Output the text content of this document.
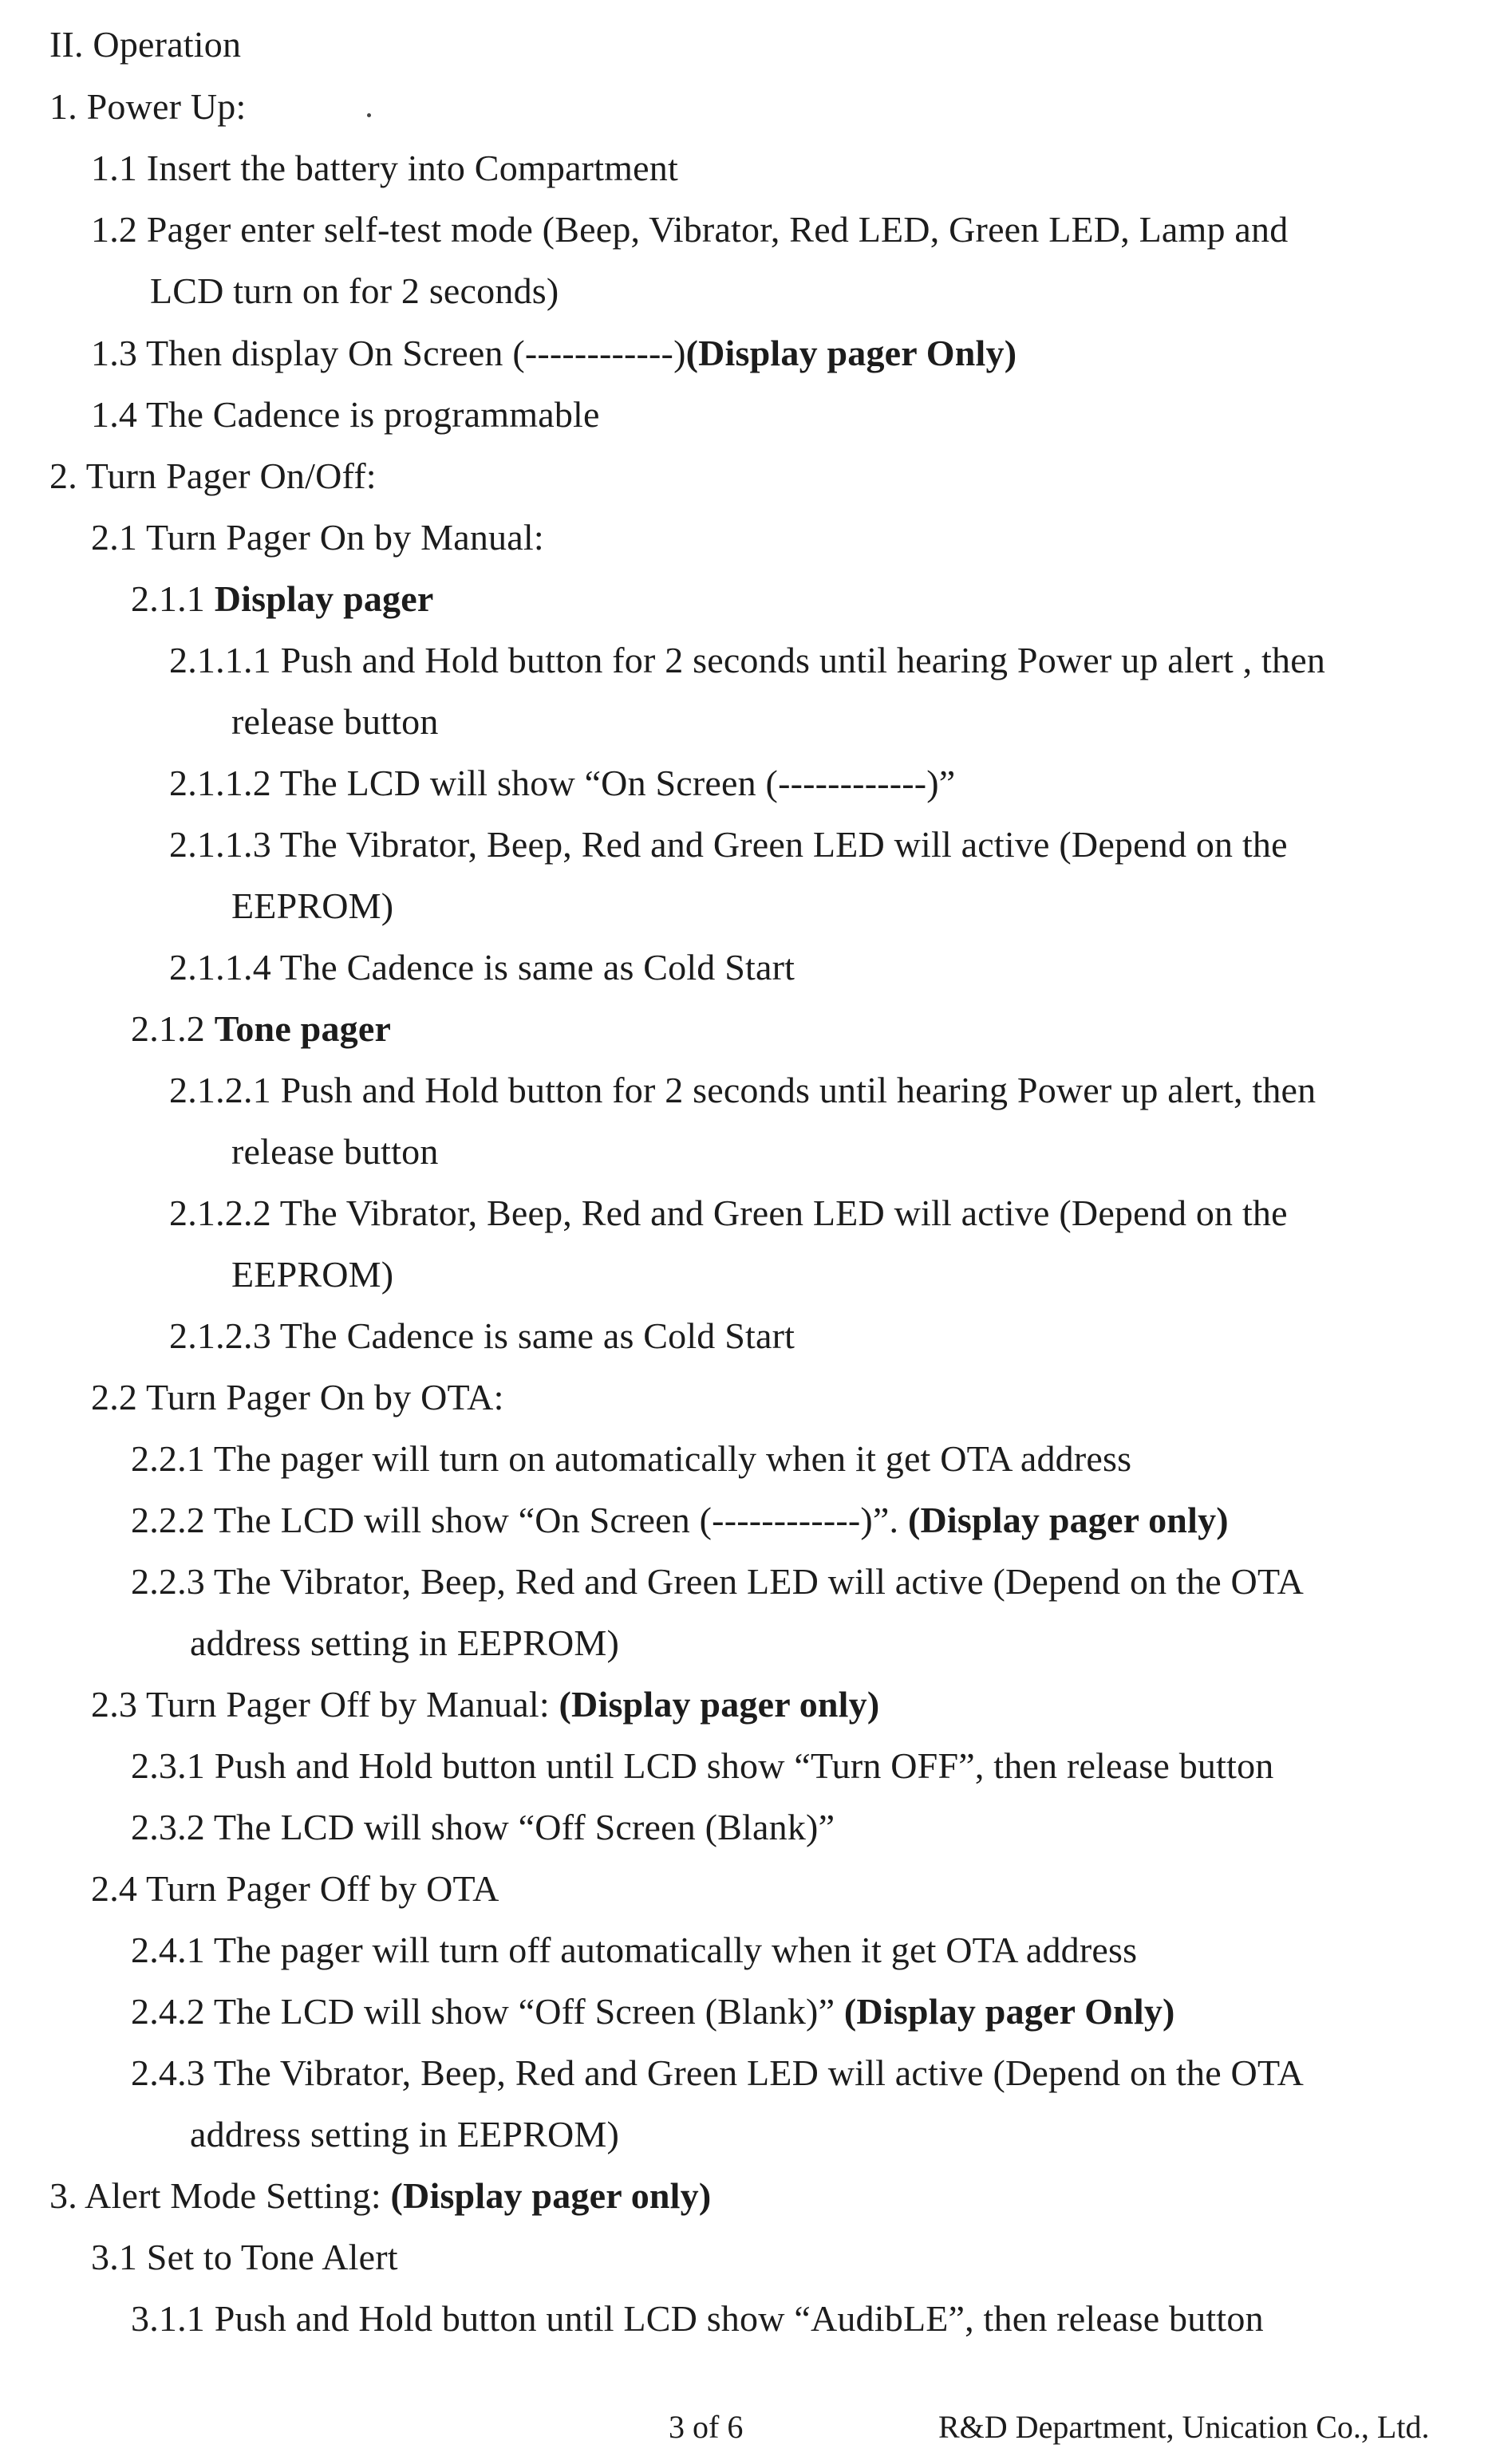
II. Operation
1. Power Up:
1.1 Insert the battery into Compartment
1.2 Pager enter self-test mode (Beep, Vibrator, Red LED, Green LED, Lamp and
LCD turn on for 2 seconds)
1.3 Then display On Screen (------------)(Display pager Only)
1.4 The Cadence is programmable
2. Turn Pager On/Off:
2.1 Turn Pager On by Manual:
2.1.1 Display pager
2.1.1.1 Push and Hold button for 2 seconds until hearing Power up alert , then
release button
2.1.1.2 The LCD will show “On Screen (------------)”
2.1.1.3 The Vibrator, Beep, Red and Green LED will active (Depend on the
EEPROM)
2.1.1.4 The Cadence is same as Cold Start
2.1.2 Tone pager
2.1.2.1 Push and Hold button for 2 seconds until hearing Power up alert, then
release button
2.1.2.2 The Vibrator, Beep, Red and Green LED will active (Depend on the
EEPROM)
2.1.2.3 The Cadence is same as Cold Start
2.2 Turn Pager On by OTA:
2.2.1 The pager will turn on automatically when it get OTA address
2.2.2 The LCD will show “On Screen (------------)”. (Display pager only)
2.2.3 The Vibrator, Beep, Red and Green LED will active (Depend on the OTA
address setting in EEPROM)
2.3 Turn Pager Off by Manual: (Display pager only)
2.3.1 Push and Hold button until LCD show “Turn OFF”, then release button
2.3.2 The LCD will show “Off Screen (Blank)”
2.4 Turn Pager Off by OTA
2.4.1 The pager will turn off automatically when it get OTA address
2.4.2 The LCD will show “Off Screen (Blank)” (Display pager Only)
2.4.3 The Vibrator, Beep, Red and Green LED will active (Depend on the OTA
address setting in EEPROM)
3. Alert Mode Setting: (Display pager only)
3.1 Set to Tone Alert
3.1.1 Push and Hold button until LCD show “AudibLE”, then release button
3 of 6	R&D Department, Unication Co., Ltd.
